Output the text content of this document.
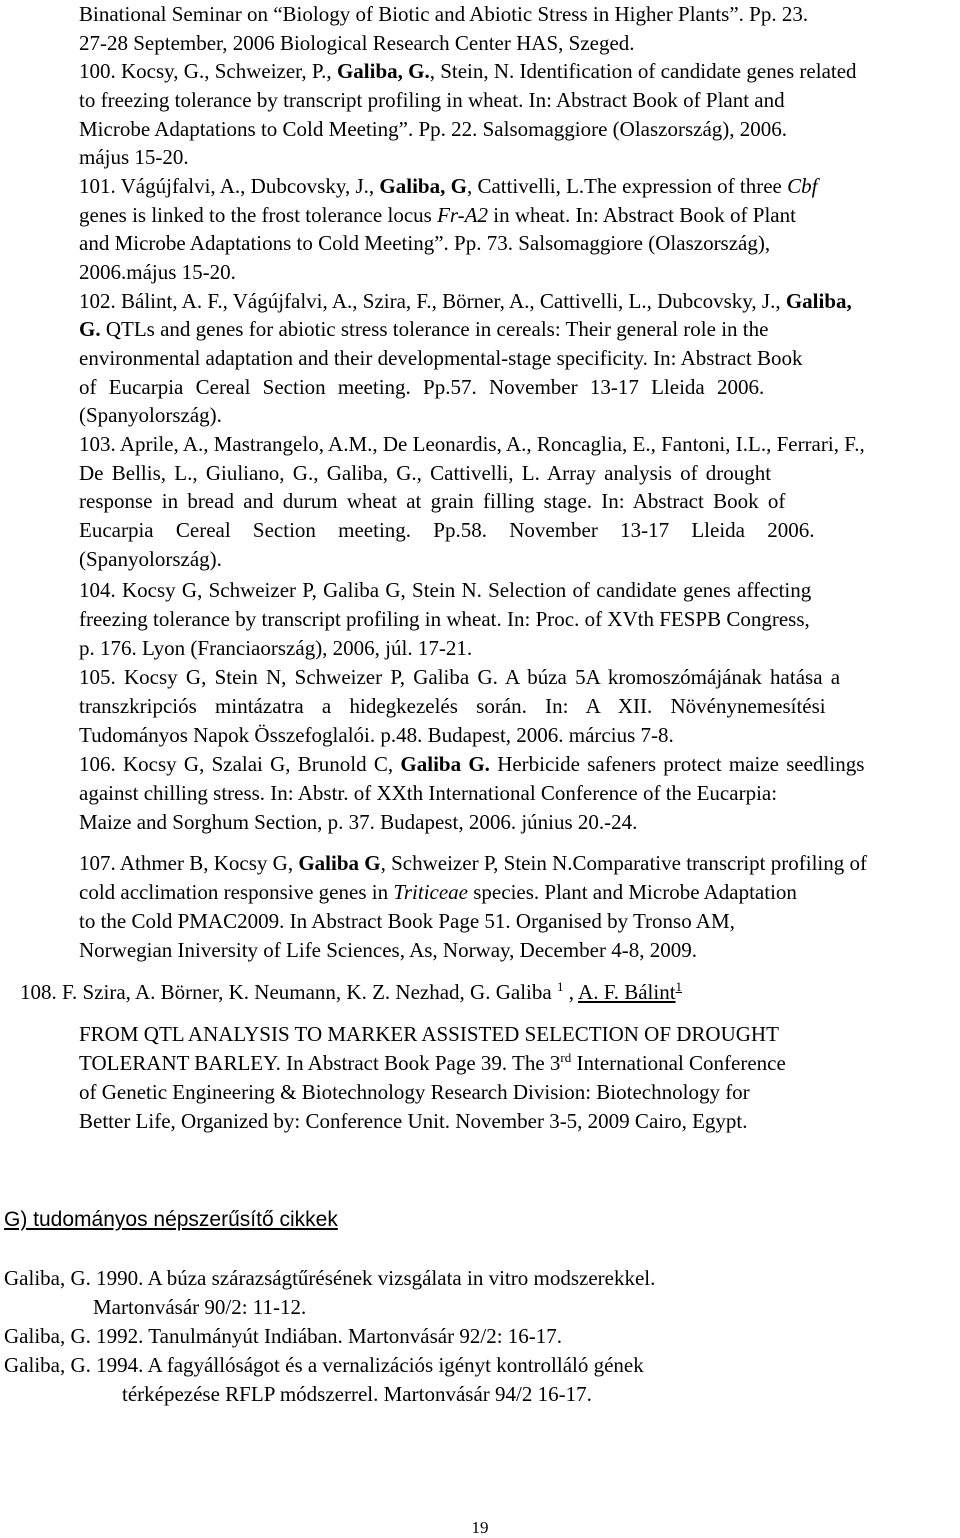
Binational Seminar on “Biology of Biotic and Abiotic Stress in Higher Plants”. Pp. 23.
27-28 September, 2006 Biological Research Center HAS, Szeged.
100. Kocsy, G., Schweizer, P., Galiba, G., Stein, N. Identification of candidate genes related
to freezing tolerance by transcript profiling in wheat. In: Abstract Book of Plant and
Microbe Adaptations to Cold Meeting”. Pp. 22. Salsomaggiore (Olaszország), 2006.
május 15-20.
101. Vágújfalvi, A., Dubcovsky, J., Galiba, G, Cattivelli, L.The expression of three Cbf
genes is linked to the frost tolerance locus Fr-A2 in wheat. In: Abstract Book of Plant
and Microbe Adaptations to Cold Meeting”. Pp. 73. Salsomaggiore (Olaszország),
2006.május 15-20.
102. Bálint, A. F., Vágújfalvi, A., Szira, F., Börner, A., Cattivelli, L., Dubcovsky, J., Galiba,
G. QTLs and genes for abiotic stress tolerance in cereals: Their general role in the
environmental adaptation and their developmental-stage specificity. In: Abstract Book
of Eucarpia Cereal Section meeting. Pp.57. November 13-17 Lleida 2006.
(Spanyolország).
103. Aprile, A., Mastrangelo, A.M., De Leonardis, A., Roncaglia, E., Fantoni, I.L., Ferrari, F.,
De Bellis, L., Giuliano, G., Galiba, G., Cattivelli, L. Array analysis of drought
response in bread and durum wheat at grain filling stage. In: Abstract Book of
Eucarpia Cereal Section meeting. Pp.58. November 13-17 Lleida 2006.
(Spanyolország).
104. Kocsy G, Schweizer P, Galiba G, Stein N. Selection of candidate genes affecting
freezing tolerance by transcript profiling in wheat. In: Proc. of XVth FESPB Congress,
p. 176. Lyon (Franciaország), 2006, júl. 17-21.
105. Kocsy G, Stein N, Schweizer P, Galiba G. A búza 5A kromoszómájának hatása a
transzkripciós mintázatra a hidegkezelés során. In: A XII. Növénynemesítési
Tudományos Napok Összefoglalói. p.48. Budapest, 2006. március 7-8.
106. Kocsy G, Szalai G, Brunold C, Galiba G. Herbicide safeners protect maize seedlings
against chilling stress. In: Abstr. of XXth International Conference of the Eucarpia:
Maize and Sorghum Section, p. 37. Budapest, 2006. június 20.-24.
107. Athmer B, Kocsy G, Galiba G, Schweizer P, Stein N.Comparative transcript profiling of
cold acclimation responsive genes in Triticeae species. Plant and Microbe Adaptation
to the Cold PMAC2009. In Abstract Book Page 51. Organised by Tronso AM,
Norwegian Iniversity of Life Sciences, As, Norway, December 4-8, 2009.
108. F. Szira, A. Börner, K. Neumann, K. Z. Nezhad, G. Galiba $^1$ , A. F. Bálint$^1$
FROM QTL ANALYSIS TO MARKER ASSISTED SELECTION OF DROUGHT
TOLERANT BARLEY. In Abstract Book Page 39. The 3rd International Conference
of Genetic Engineering & Biotechnology Research Division: Biotechnology for
Better Life, Organized by: Conference Unit. November 3-5, 2009 Cairo, Egypt.
G) tudományos népszerűsítő cikkek
Galiba, G. 1990. A búza szárazságtűrésének vizsgálata in vitro modszerekkel.
Martonvásár 90/2: 11-12.
Galiba, G. 1992. Tanulmányút Indiában. Martonvásár 92/2: 16-17.
Galiba, G. 1994. A fagyállóságot és a vernalizációs igényt kontrolláló gének
térképezése RFLP módszerrel. Martonvásár 94/2 16-17.
19
